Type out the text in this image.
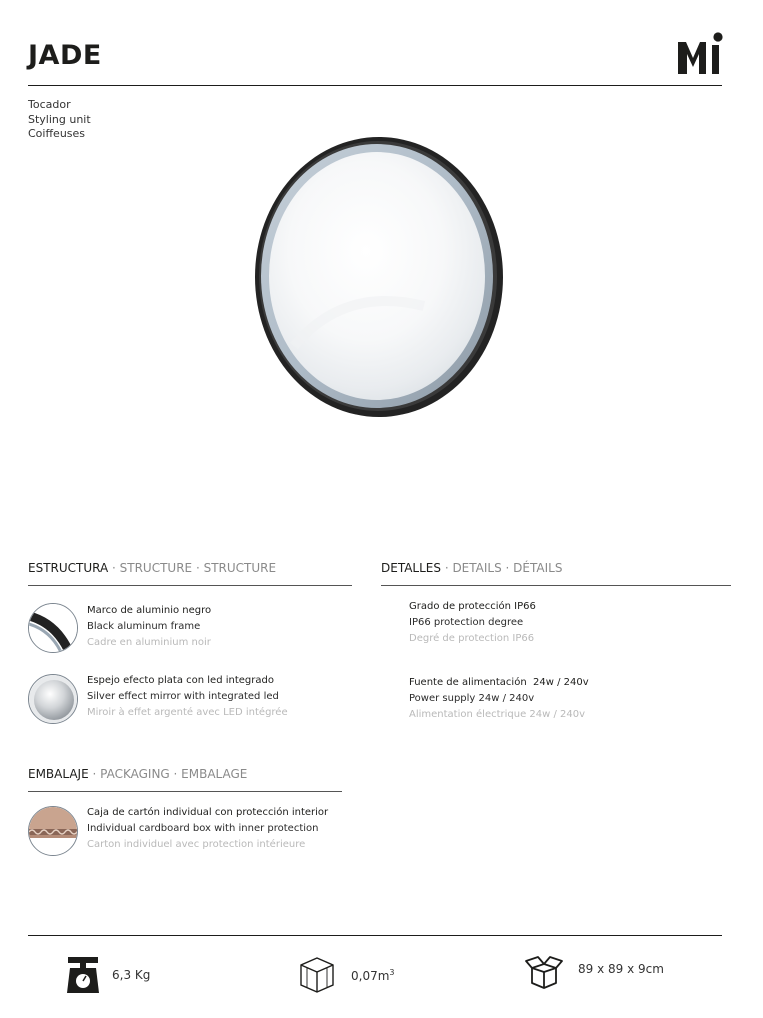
JADE
Tocador
Styling unit
Coiffeuses
ESTRUCTURA · STRUCTURE · STRUCTURE
Marco de aluminio negro
Black aluminum frame
Cadre en aluminium noir
Espejo efecto plata con led integrado
Silver effect mirror with integrated led
Miroir à effet argenté avec LED intégrée
DETALLES · DETAILS · DÉTAILS
Grado de protección IP66
IP66 protection degree
Degré de protection IP66
Fuente de alimentación  24w / 240v
Power supply 24w / 240v
Alimentation électrique 24w / 240v
EMBALAJE · PACKAGING · EMBALAGE
Caja de cartón individual con protección interior
Individual cardboard box with inner protection
Carton individuel avec protection intérieure
6,3 Kg	$0,07m^3$	89 x 89 x 9cm
